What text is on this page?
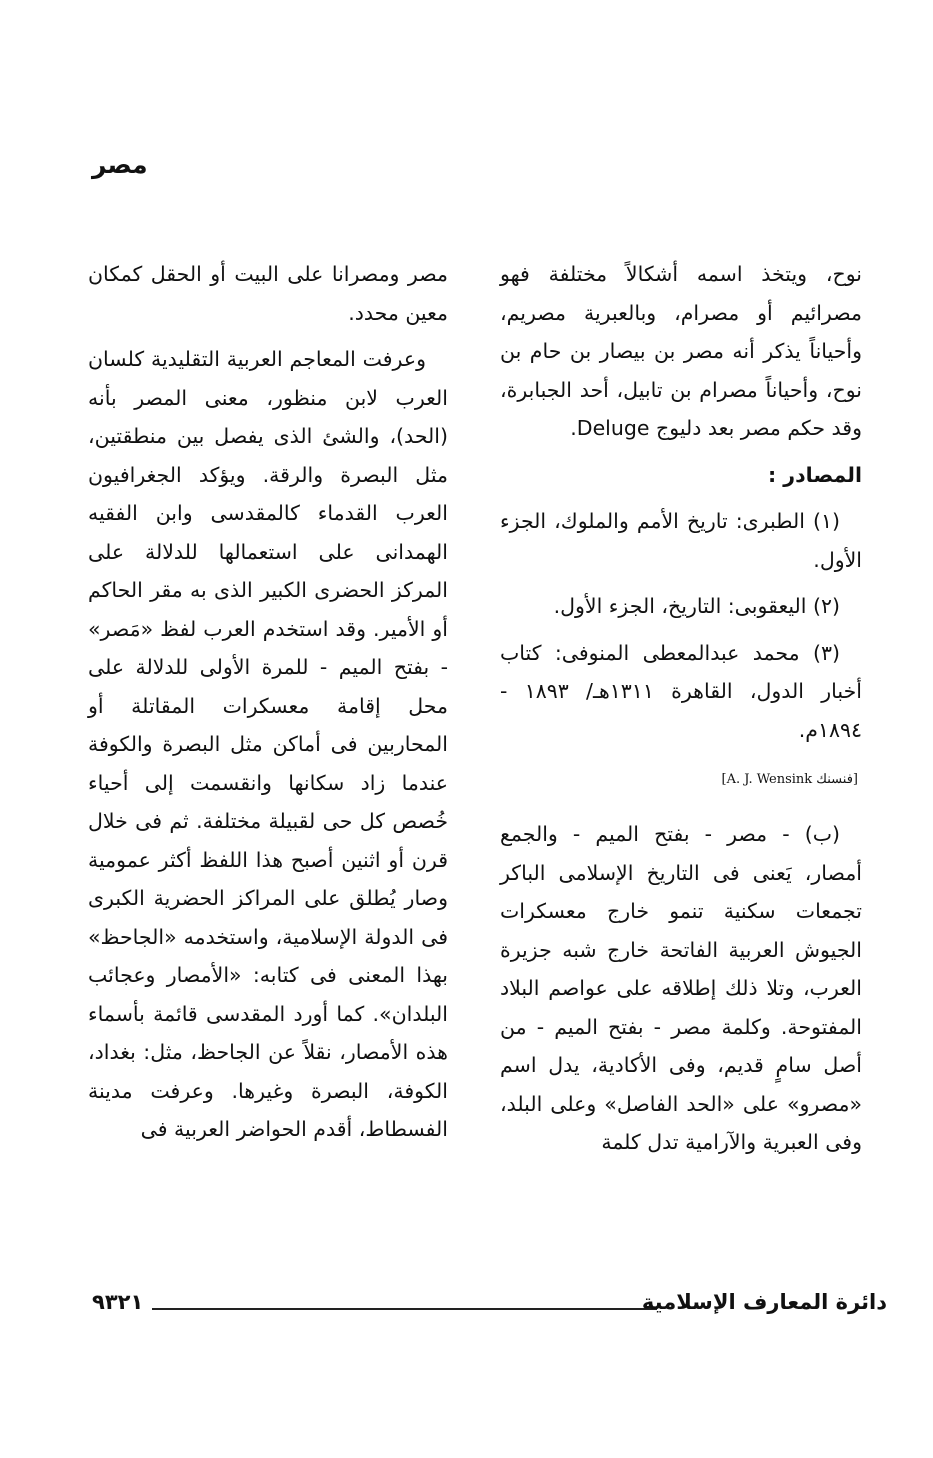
مصر

نوح، ويتخذ اسمه أشكالاً مختلفة فهو مصرائيم أو مصرام، وبالعبرية مصريم، وأحياناً يذكر أنه مصر بن بيصار بن حام بن نوح، وأحياناً مصرام بن تابيل، أحد الجبابرة، وقد حكم مصر بعد دليوج Deluge.

المصادر :

(١) الطبرى: تاريخ الأمم والملوك، الجزء الأول.

(٢) اليعقوبى: التاريخ، الجزء الأول.

(٣) محمد عبدالمعطى المنوفى: كتاب أخبار الدول، القاهرة ١٣١١هـ/ ١٨٩٣ - ١٨٩٤م.

[A. J. Wensink فنسنك]

(ب) - مصر - بفتح الميم - والجمع أمصار، يَعنى فى التاريخ الإسلامى الباكر تجمعات سكنية تنمو خارج معسكرات الجيوش العربية الفاتحة خارج شبه جزيرة العرب، وتلا ذلك إطلاقه على عواصم البلاد المفتوحة. وكلمة مصر - بفتح الميم - من أصل سامٍ قديم، وفى الأكادية، يدل اسم «مصرو» على «الحد الفاصل» وعلى البلد، وفى العبرية والآرامية تدل كلمة

مصر ومصرانا على البيت أو الحقل كمكان معين محدد.

وعرفت المعاجم العربية التقليدية كلسان العرب لابن منظور، معنى المصر بأنه (الحد)، والشئ الذى يفصل بين منطقتين، مثل البصرة والرقة. ويؤكد الجغرافيون العرب القدماء كالمقدسى وابن الفقيه الهمدانى على استعمالها للدلالة على المركز الحضرى الكبير الذى به مقر الحاكم أو الأمير. وقد استخدم العرب لفظ «مَصر» - بفتح الميم - للمرة الأولى للدلالة على محل إقامة معسكرات المقاتلة أو المحاربين فى أماكن مثل البصرة والكوفة عندما زاد سكانها وانقسمت إلى أحياء خُصص كل حى لقبيلة مختلفة. ثم فى خلال قرن أو اثنين أصبح هذا اللفظ أكثر عمومية وصار يُطلق على المراكز الحضرية الكبرى فى الدولة الإسلامية، واستخدمه «الجاحظ» بهذا المعنى فى كتابه: «الأمصار وعجائب البلدان». كما أورد المقدسى قائمة بأسماء هذه الأمصار، نقلاً عن الجاحظ، مثل: بغداد، الكوفة، البصرة وغيرها. وعرفت مدينة الفسطاط، أقدم الحواضر العربية فى

٩٣٢١	دائرة المعارف الإسلامية
